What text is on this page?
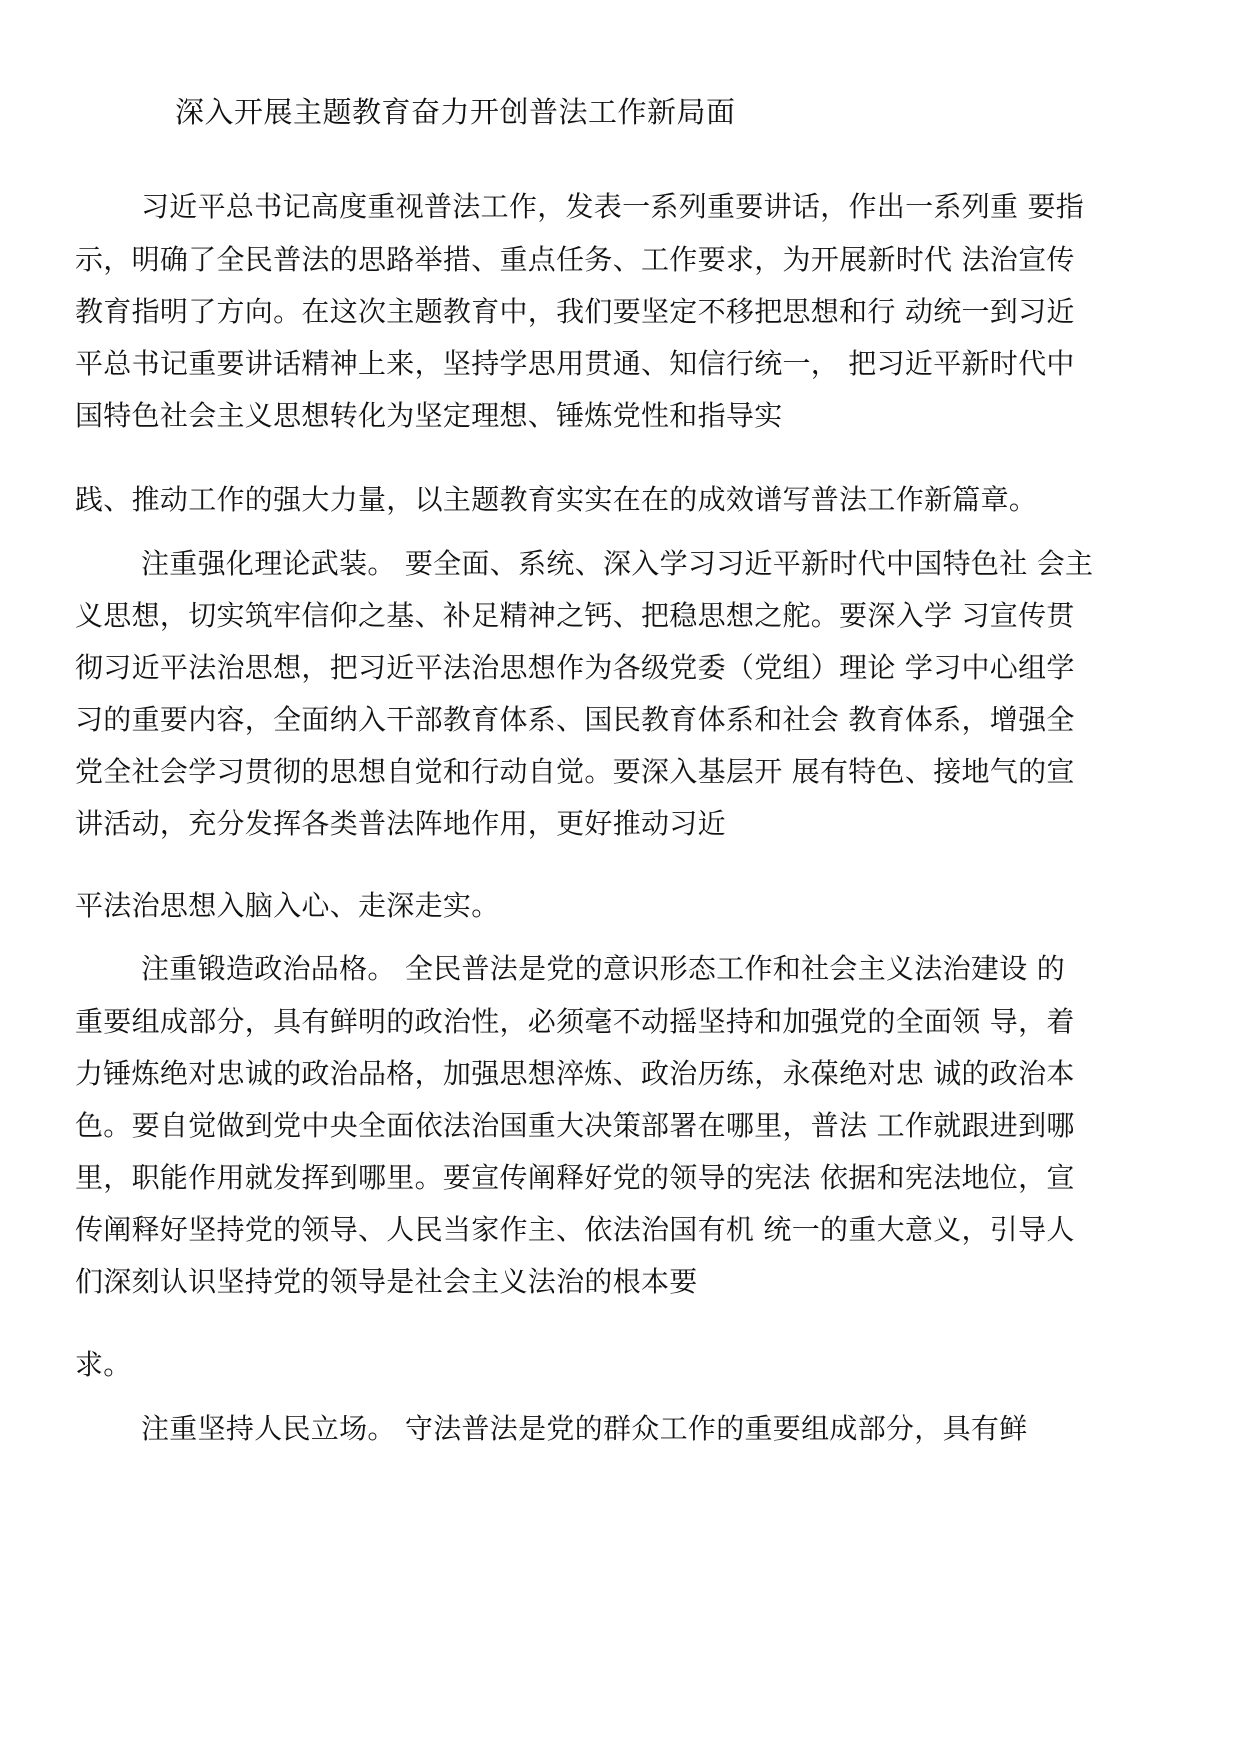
深入开展主题教育奋力开创普法工作新局面
习近平总书记高度重视普法工作，发表一系列重要讲话，作出一系列重 要指
示，明确了全民普法的思路举措、重点任务、工作要求，为开展新时代 法治宣传
教育指明了方向。在这次主题教育中，我们要坚定不移把思想和行 动统一到习近
平总书记重要讲话精神上来，坚持学思用贯通、知信行统一， 把习近平新时代中
国特色社会主义思想转化为坚定理想、锤炼党性和指导实
践、推动工作的强大力量，以主题教育实实在在的成效谱写普法工作新篇章。
注重强化理论武装。 要全面、系统、深入学习习近平新时代中国特色社 会主
义思想，切实筑牢信仰之基、补足精神之钙、把稳思想之舵。要深入学 习宣传贯
彻习近平法治思想，把习近平法治思想作为各级党委（党组）理论 学习中心组学
习的重要内容，全面纳入干部教育体系、国民教育体系和社会 教育体系，增强全
党全社会学习贯彻的思想自觉和行动自觉。要深入基层开 展有特色、接地气的宣
讲活动，充分发挥各类普法阵地作用，更好推动习近
平法治思想入脑入心、走深走实。
注重锻造政治品格。 全民普法是党的意识形态工作和社会主义法治建设 的
重要组成部分，具有鲜明的政治性，必须毫不动摇坚持和加强党的全面领 导，着
力锤炼绝对忠诚的政治品格，加强思想淬炼、政治历练，永葆绝对忠 诚的政治本
色。要自觉做到党中央全面依法治国重大决策部署在哪里，普法 工作就跟进到哪
里，职能作用就发挥到哪里。要宣传阐释好党的领导的宪法 依据和宪法地位，宣
传阐释好坚持党的领导、人民当家作主、依法治国有机 统一的重大意义，引导人
们深刻认识坚持党的领导是社会主义法治的根本要
求。
注重坚持人民立场。 守法普法是党的群众工作的重要组成部分，具有鲜
